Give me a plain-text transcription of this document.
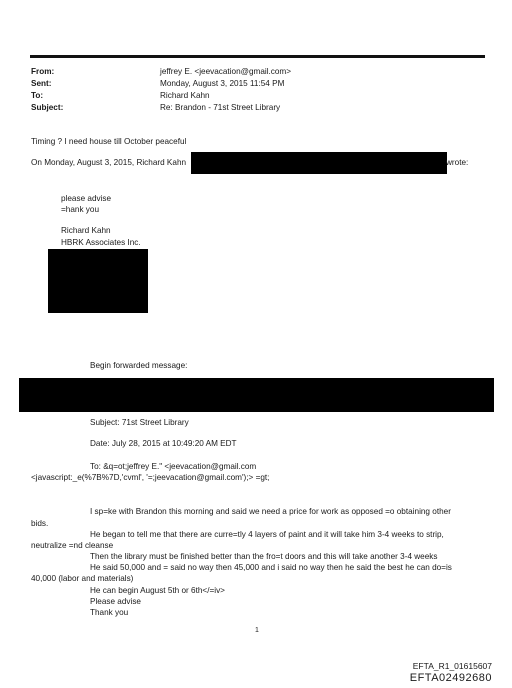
From:	jeffrey E. <jeevacation@gmail.com>
Sent:	Monday, August 3, 2015 11:54 PM
To:	Richard Kahn
Subject:	Re: Brandon - 71st Street Library
Timing ? I need house till October peaceful
On Monday, August 3, 2015, Richard Kahn	wrote:
please advise
=hank you
Richard Kahn
HBRK Associates Inc.
Begin forwarded message:
Subject: 71st Street Library
Date: July 28, 2015 at 10:49:20 AM EDT
To: &q=ot;jeffrey E." <jeevacation@gmail.com
<javascript:_e(%7B%7D,'cvml', '=;jeevacation@gmail.com');> =gt;
I sp=ke with Brandon this morning and said we need a price for work as opposed =o obtaining other
bids.
He began to tell me that there are curre=tly 4 layers of paint and it will take him 3-4 weeks to strip,
neutralize =nd cleanse
Then the library must be finished better than the fro=t doors and this will take another 3-4 weeks
He said 50,000 and = said no way then 45,000 and i said no way then he said the best he can do=is
40,000 (labor and materials)
He can begin August 5th or 6th</=iv>
Please advise
Thank you
1
EFTA_R1_01615607
EFTA02492680
